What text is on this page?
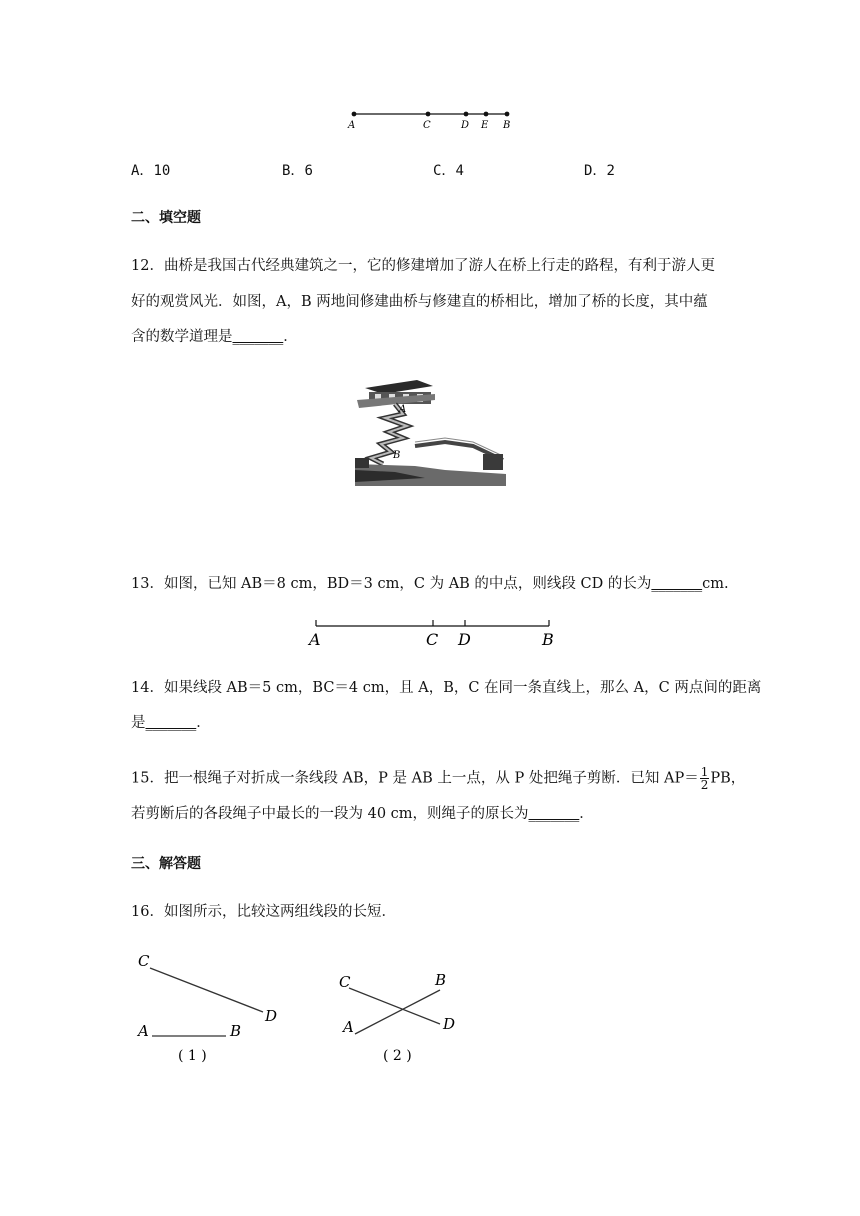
A	C	D E B
A．10	B．6	C．4	D．2
二、填空题
12．曲桥是我国古代经典建筑之一，它的修建增加了游人在桥上行走的路程，有利于游人更
好的观赏风光．如图，A，B 两地间修建曲桥与修建直的桥相比，增加了桥的长度，其中蕴
含的数学道理是_______．
A
B
13．如图，已知 AB＝8 cm，BD＝3 cm，C 为 AB 的中点，则线段 CD 的长为_______cm.
A	C D	B
14．如果线段 AB＝5 cm，BC＝4 cm，且 A，B，C 在同一条直线上，那么 A，C 两点间的距离
是_______．
15．把一根绳子对折成一条线段 AB，P 是 AB 上一点，从 P 处把绳子剪断．已知 $AP= \frac{1}{2}$ PB，
若剪断后的各段绳子中最长的一段为 40 cm，则绳子的原长为_______．
三、解答题
16．如图所示，比较这两组线段的长短．
C
D
A	B
( 1 )
C	B
A	D
( 2 )
